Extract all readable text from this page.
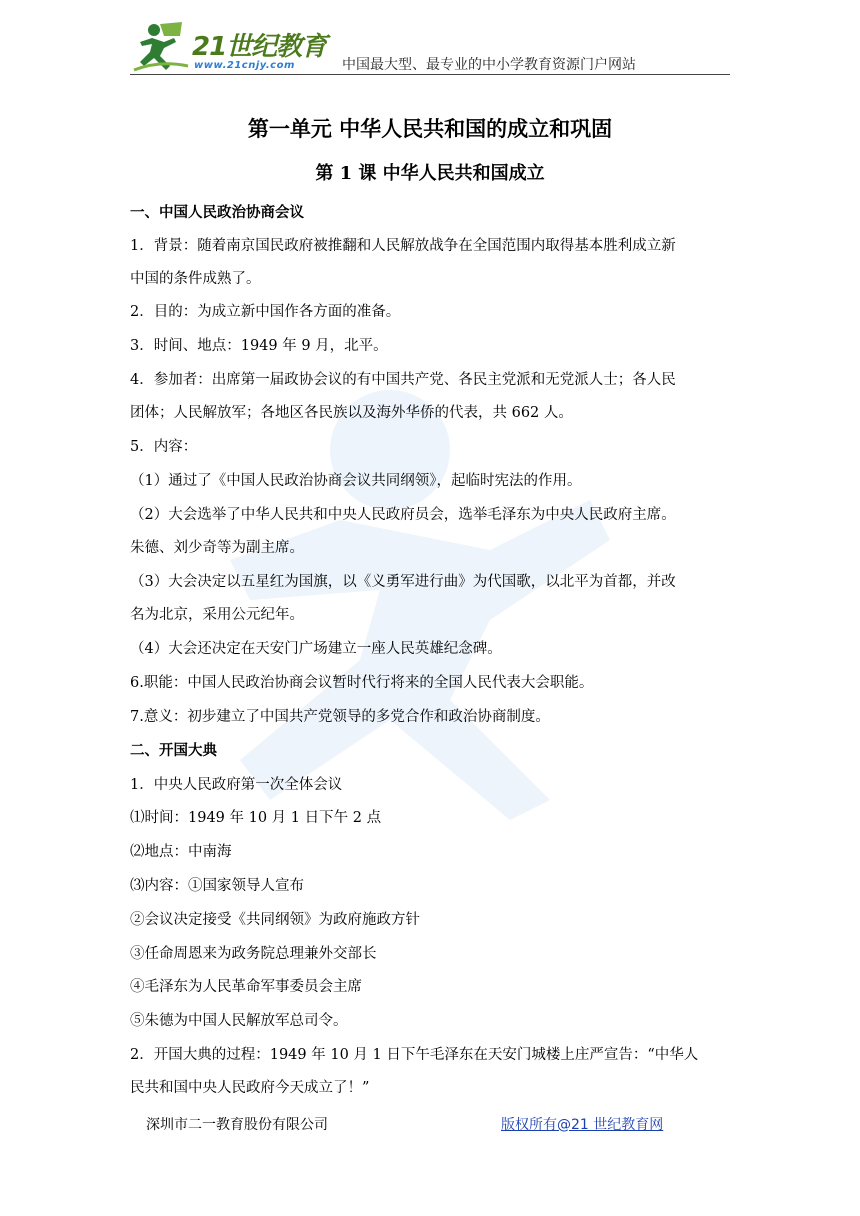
21世纪教育
www.21cnjy.com	中国最大型、最专业的中小学教育资源门户网站
第一单元 中华人民共和国的成立和巩固
第 1 课 中华人民共和国成立
一、中国人民政治协商会议
1．背景：随着南京国民政府被推翻和人民解放战争在全国范围内取得基本胜利成立新
中国的条件成熟了。
2．目的：为成立新中国作各方面的准备。
3．时间、地点：1949 年 9 月，北平。
4．参加者：出席第一届政协会议的有中国共产党、各民主党派和无党派人士；各人民
团体；人民解放军；各地区各民族以及海外华侨的代表，共 662 人。
5．内容：
（1）通过了《中国人民政治协商会议共同纲领》，起临时宪法的作用。
（2）大会选举了中华人民共和中央人民政府员会，选举毛泽东为中央人民政府主席。
朱德、刘少奇等为副主席。
（3）大会决定以五星红为国旗，以《义勇军进行曲》为代国歌，以北平为首都，并改
名为北京，采用公元纪年。
（4）大会还决定在天安门广场建立一座人民英雄纪念碑。
6.职能：中国人民政治协商会议暂时代行将来的全国人民代表大会职能。
7.意义：初步建立了中国共产党领导的多党合作和政治协商制度。
二、开国大典
1．中央人民政府第一次全体会议
⑴时间：1949 年 10 月 1 日下午 2 点
⑵地点：中南海
⑶内容：①国家领导人宣布
②会议决定接受《共同纲领》为政府施政方针
③任命周恩来为政务院总理兼外交部长
④毛泽东为人民革命军事委员会主席
⑤朱德为中国人民解放军总司令。
2．开国大典的过程：1949 年 10 月 1 日下午毛泽东在天安门城楼上庄严宣告：“中华人
民共和国中央人民政府今天成立了！”
深圳市二一教育股份有限公司	版权所有@21 世纪教育网
